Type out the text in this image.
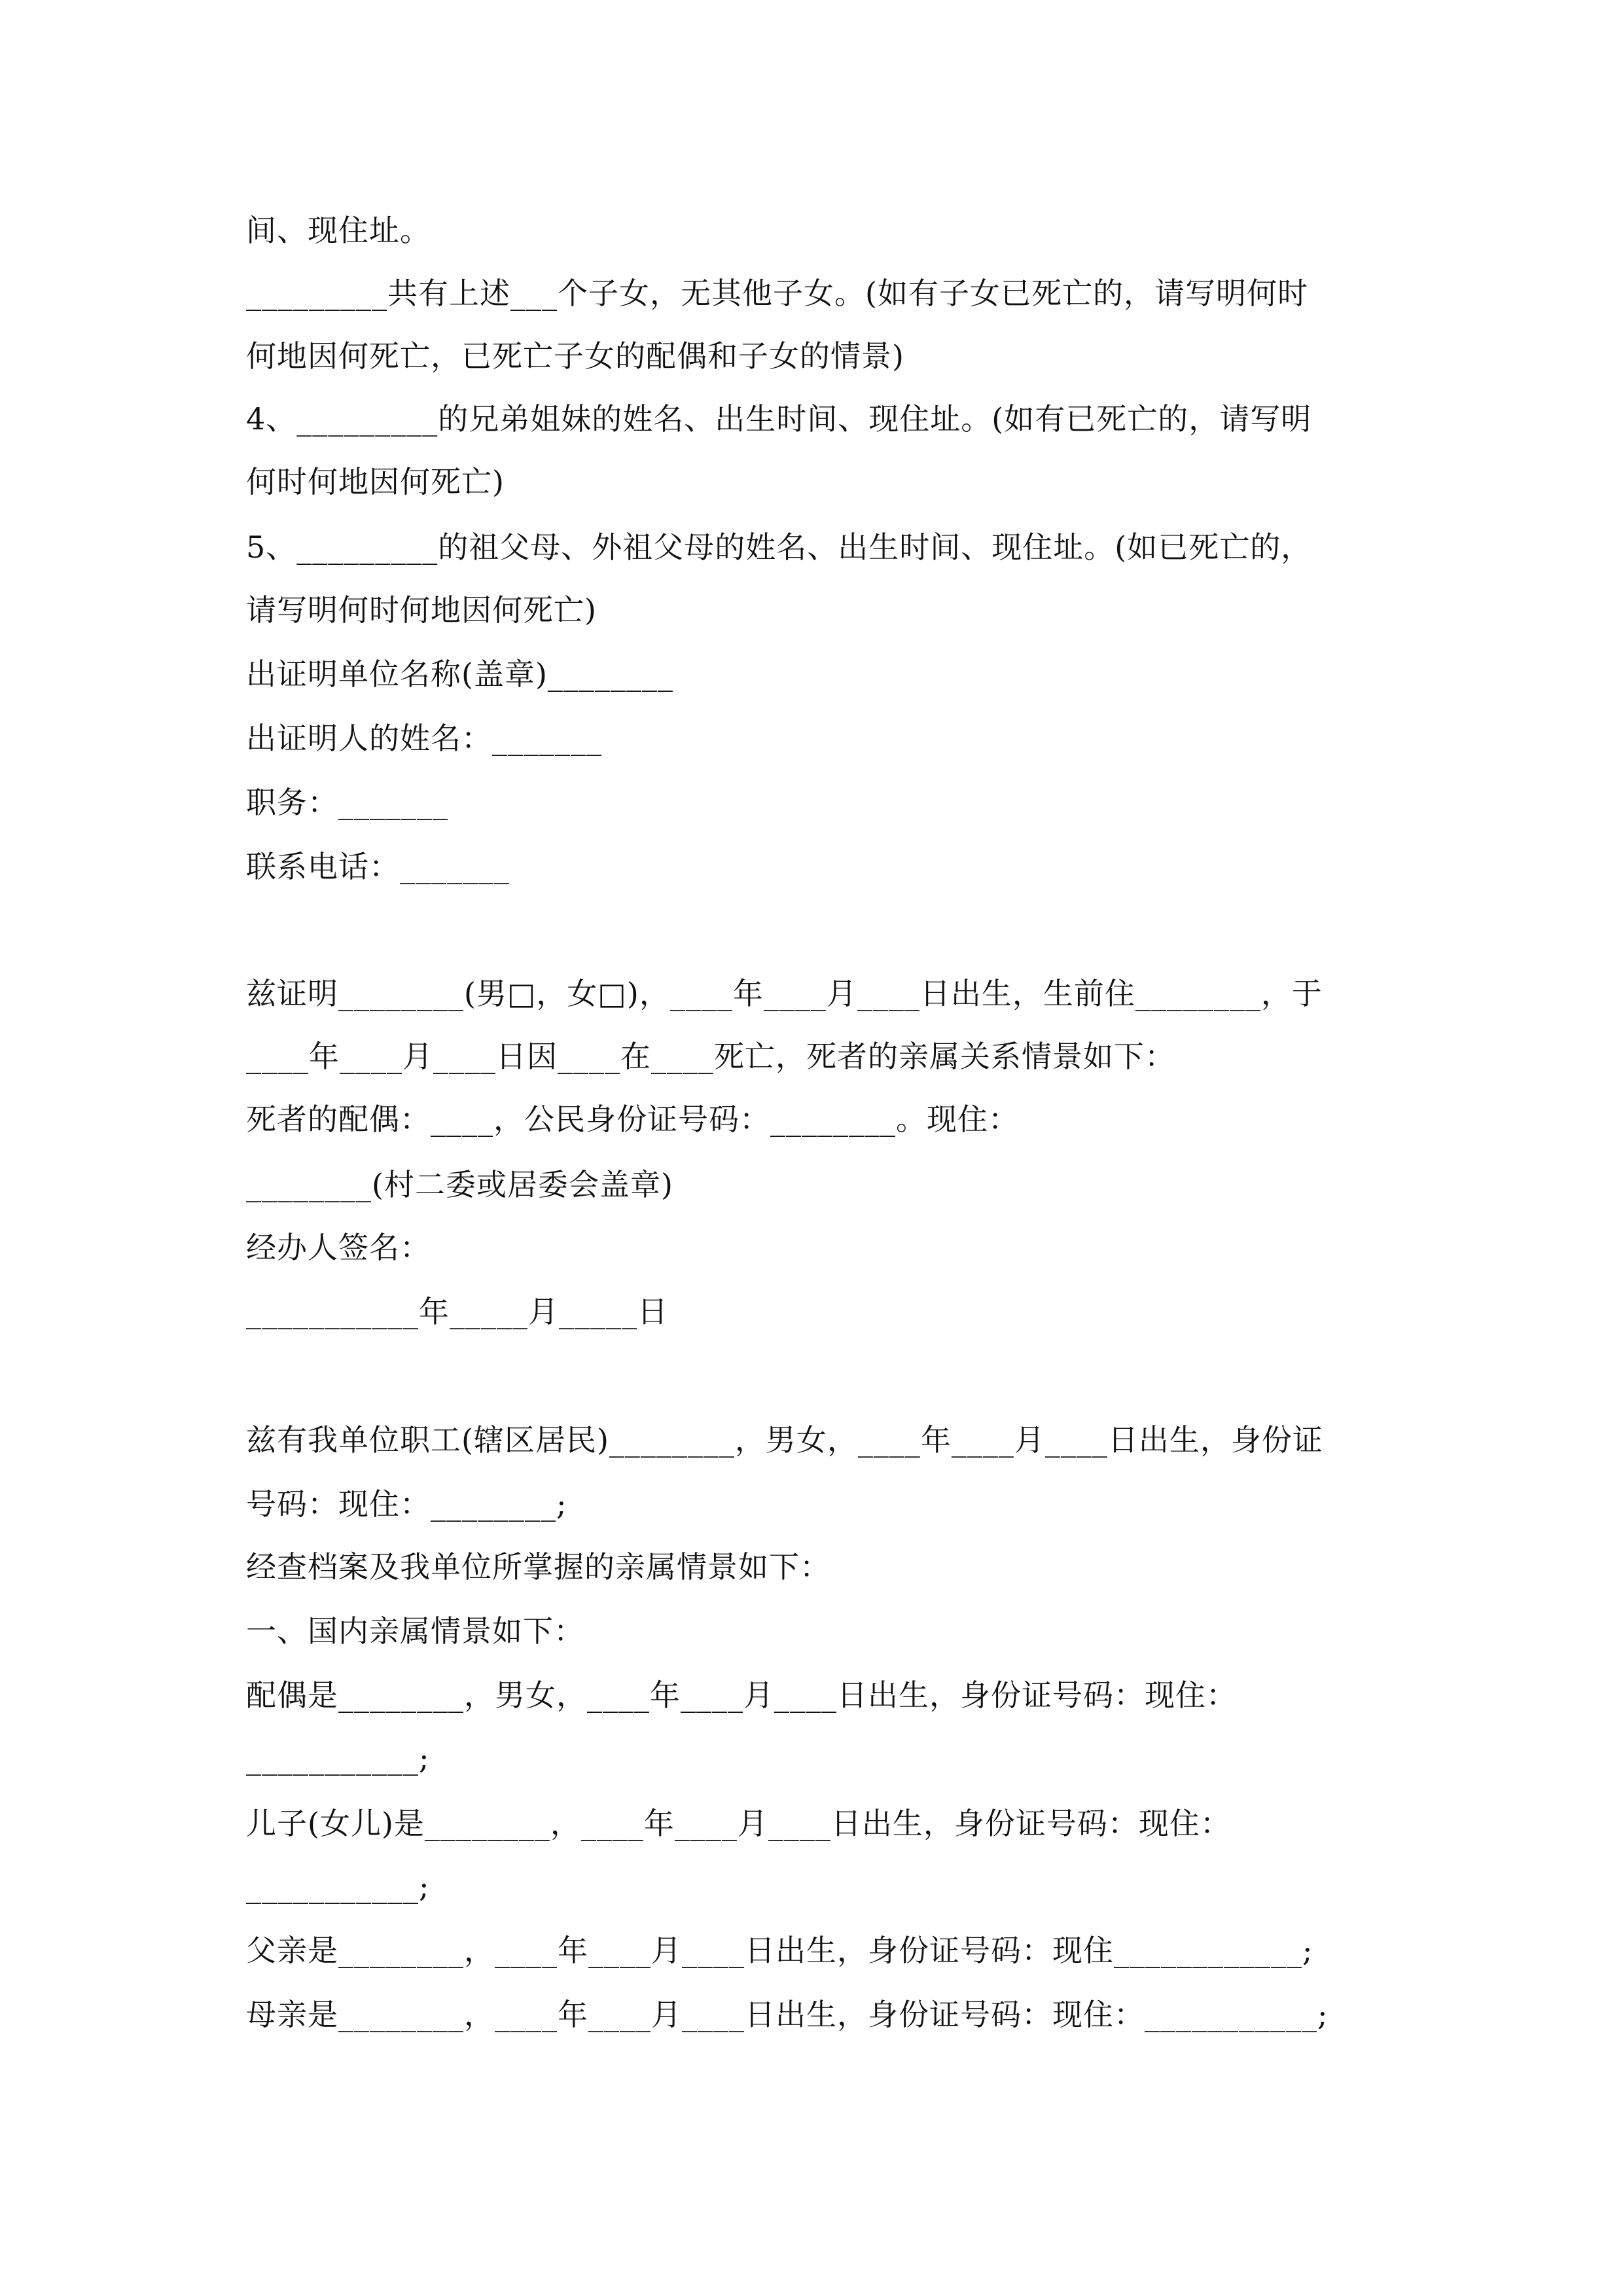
间、现住址。
_________共有上述___个子女，无其他子女。(如有子女已死亡的，请写明何时
何地因何死亡，已死亡子女的配偶和子女的情景)
4、_________的兄弟姐妹的姓名、出生时间、现住址。(如有已死亡的，请写明
何时何地因何死亡)
5、_________的祖父母、外祖父母的姓名、出生时间、现住址。(如已死亡的，
请写明何时何地因何死亡)
出证明单位名称(盖章)________
出证明人的姓名：_______
职务：_______
联系电话：_______
兹证明________(男□，女□)，____年____月____日出生，生前住________，于
____年____月____日因____在____死亡，死者的亲属关系情景如下：
死者的配偶：____，公民身份证号码：________。现住：
________(村二委或居委会盖章)
经办人签名：
___________年_____月_____日
兹有我单位职工(辖区居民)________，男女，____年____月____日出生，身份证
号码：现住：________;
经查档案及我单位所掌握的亲属情景如下：
一、国内亲属情景如下：
配偶是________，男女，____年____月____日出生，身份证号码：现住：
___________;
儿子(女儿)是________，____年____月____日出生，身份证号码：现住：
___________;
父亲是________，____年____月____日出生，身份证号码：现住____________;
母亲是________，____年____月____日出生，身份证号码：现住：___________;
